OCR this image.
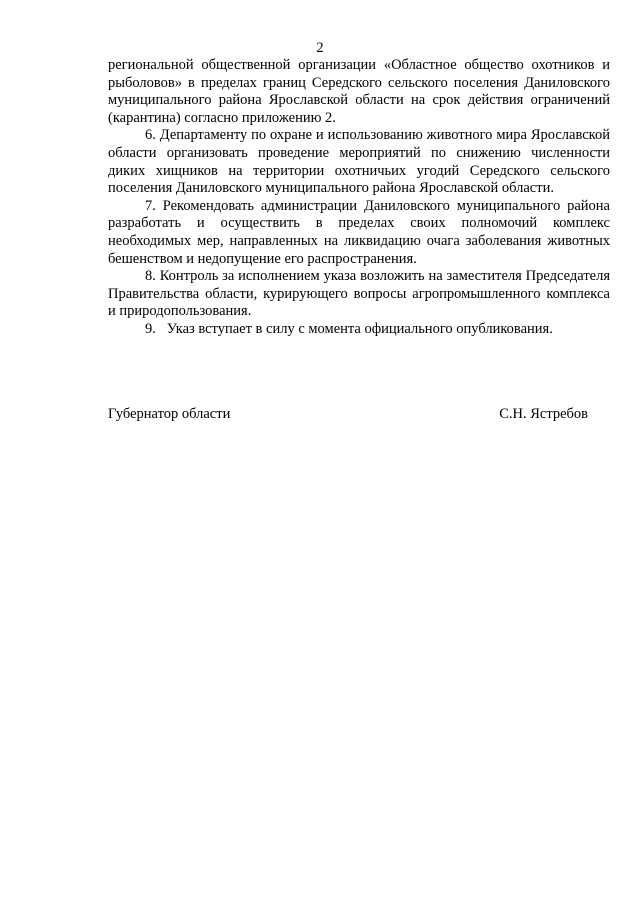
2

региональной общественной организации «Областное общество охотников и рыболовов» в пределах границ Середского сельского поселения Даниловского муниципального района Ярославской области на срок действия ограничений (карантина) согласно приложению 2.

6. Департаменту по охране и использованию животного мира Ярославской области организовать проведение мероприятий по снижению численности диких хищников на территории охотничьих угодий Середского сельского поселения Даниловского муниципального района Ярославской области.

7. Рекомендовать администрации Даниловского муниципального района разработать и осуществить в пределах своих полномочий комплекс необходимых мер, направленных на ликвидацию очага заболевания животных бешенством и недопущение его распространения.

8. Контроль за исполнением указа возложить на заместителя Председателя Правительства области, курирующего вопросы агропромышленного комплекса и природопользования.

9.   Указ вступает в силу с момента официального опубликования.

Губернатор области	С.Н. Ястребов
